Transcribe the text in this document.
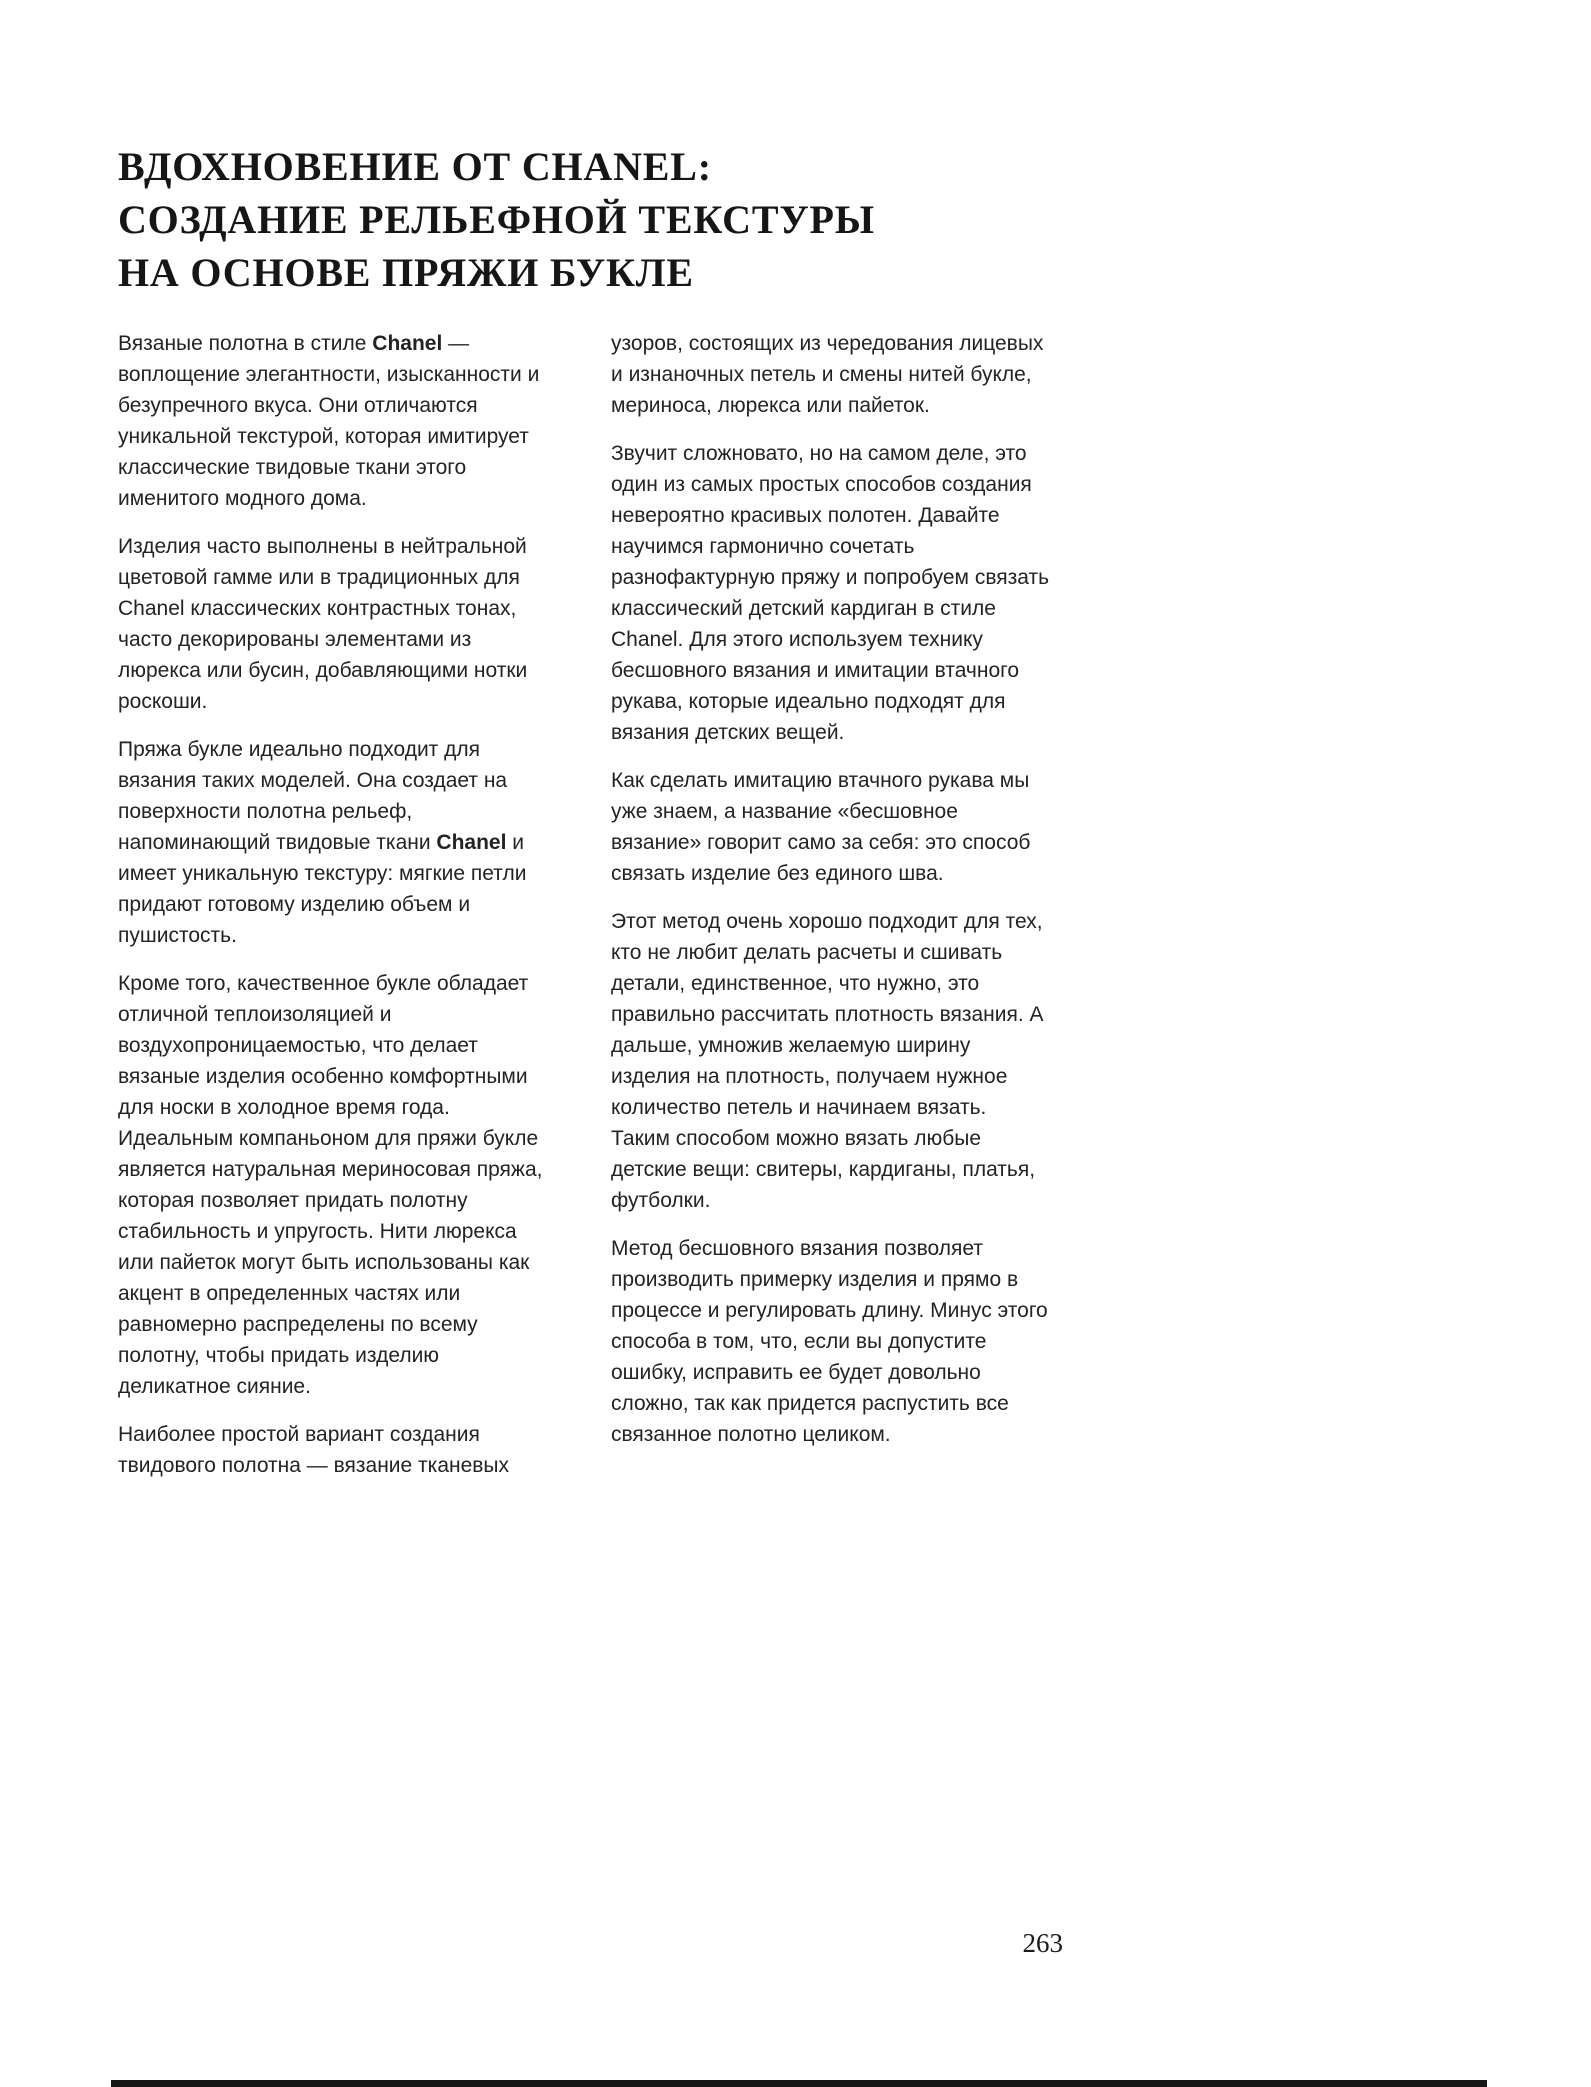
ВДОХНОВЕНИЕ ОТ CHANEL:
СОЗДАНИЕ РЕЛЬЕФНОЙ ТЕКСТУРЫ
НА ОСНОВЕ ПРЯЖИ БУКЛЕ

Вязаные полотна в стиле Chanel — воплощение элегантности, изысканности и безупречного вкуса. Они отличаются уникальной текстурой, которая имитирует классические твидовые ткани этого именитого модного дома.

Изделия часто выполнены в нейтральной цветовой гамме или в традиционных для Chanel классических контрастных тонах, часто декорированы элементами из люрекса или бусин, добавляющими нотки роскоши.

Пряжа букле идеально подходит для вязания таких моделей. Она создает на поверхности полотна рельеф, напоминающий твидовые ткани Chanel и имеет уникальную текстуру: мягкие петли придают готовому изделию объем и пушистость.

Кроме того, качественное букле обладает отличной теплоизоляцией и воздухопроницаемостью, что делает вязаные изделия особенно комфортными для носки в холодное время года. Идеальным компаньоном для пряжи букле является натуральная мериносовая пряжа, которая позволяет придать полотну стабильность и упругость. Нити люрекса или пайеток могут быть использованы как акцент в определенных частях или равномерно распределены по всему полотну, чтобы придать изделию деликатное сияние.

Наиболее простой вариант создания твидового полотна — вязание тканевых

узоров, состоящих из чередования лицевых и изнаночных петель и смены нитей букле, мериноса, люрекса или пайеток.

Звучит сложновато, но на самом деле, это один из самых простых способов создания невероятно красивых полотен. Давайте научимся гармонично сочетать разнофактурную пряжу и попробуем связать классический детский кардиган в стиле Chanel. Для этого используем технику бесшовного вязания и имитации втачного рукава, которые идеально подходят для вязания детских вещей.

Как сделать имитацию втачного рукава мы уже знаем, а название «бесшовное вязание» говорит само за себя: это способ связать изделие без единого шва.

Этот метод очень хорошо подходит для тех, кто не любит делать расчеты и сшивать детали, единственное, что нужно, это правильно рассчитать плотность вязания. А дальше, умножив желаемую ширину изделия на плотность, получаем нужное количество петель и начинаем вязать. Таким способом можно вязать любые детские вещи: свитеры, кардиганы, платья, футболки.

Метод бесшовного вязания позволяет производить примерку изделия и прямо в процессе и регулировать длину. Минус этого способа в том, что, если вы допустите ошибку, исправить ее будет довольно сложно, так как придется распустить все связанное полотно целиком.

263
